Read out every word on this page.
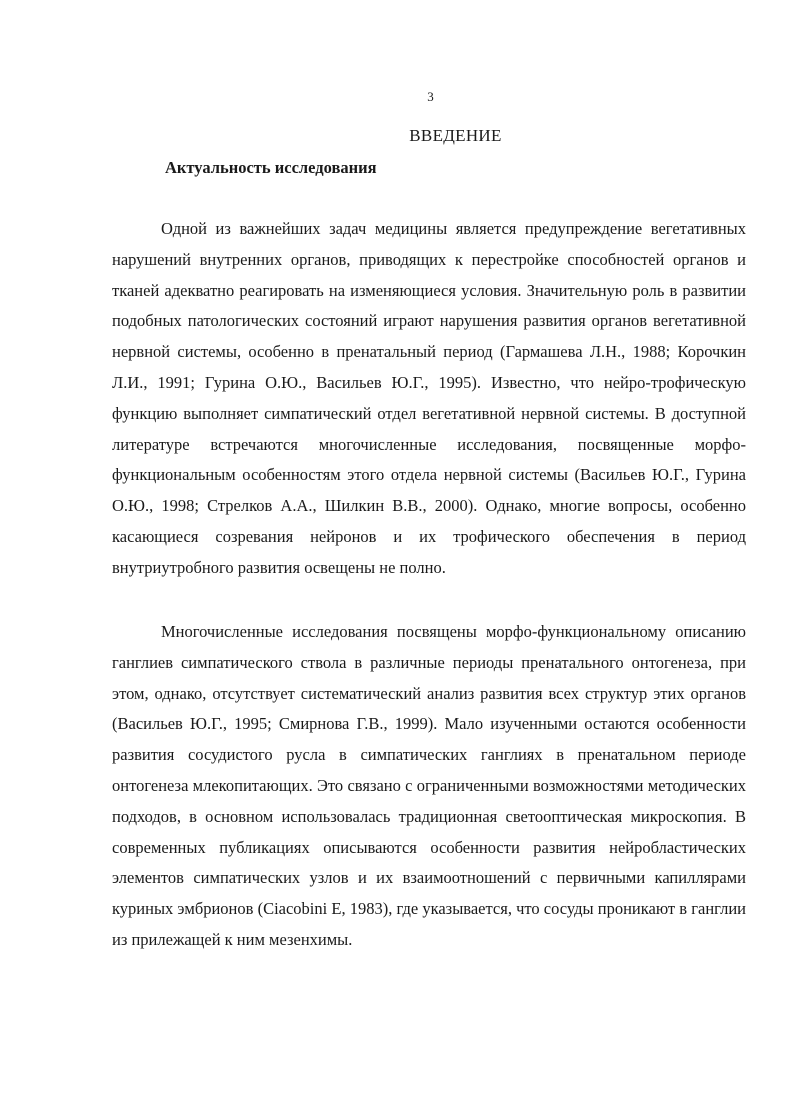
3
ВВЕДЕНИЕ
Актуальность исследования

Одной из важнейших задач медицины является предупреждение вегетативных нарушений внутренних органов, приводящих к перестройке способностей органов и тканей адекватно реагировать на изменяющиеся условия. Значительную роль в развитии подобных патологических состояний играют нарушения развития органов вегетативной нервной системы, особенно в пренатальный период (Гармашева Л.Н., 1988; Корочкин Л.И., 1991; Гурина О.Ю., Васильев Ю.Г., 1995). Известно, что нейро-трофическую функцию выполняет симпатический отдел вегетативной нервной системы. В доступной литературе встречаются многочисленные исследования, посвященные морфо-функциональным особенностям этого отдела нервной системы (Васильев Ю.Г., Гурина О.Ю., 1998; Стрелков А.А., Шилкин В.В., 2000). Однако, многие вопросы, особенно касающиеся созревания нейронов и их трофического обеспечения в период внутриутробного развития освещены не полно.

Многочисленные исследования посвящены морфо-функциональному описанию ганглиев симпатического ствола в различные периоды пренатального онтогенеза, при этом, однако, отсутствует систематический анализ развития всех структур этих органов (Васильев Ю.Г., 1995; Смирнова Г.В., 1999). Мало изученными остаются особенности развития сосудистого русла в симпатических ганглиях в пренатальном периоде онтогенеза млекопитающих. Это связано с ограниченными возможностями методических подходов, в основном использовалась традиционная светооптическая микроскопия. В современных публикациях описываются особенности развития нейробластических элементов симпатических узлов и их взаимоотношений с первичными капиллярами куриных эмбрионов (Ciacobini E, 1983), где указывается, что сосуды проникают в ганглии из прилежащей к ним мезенхимы.
